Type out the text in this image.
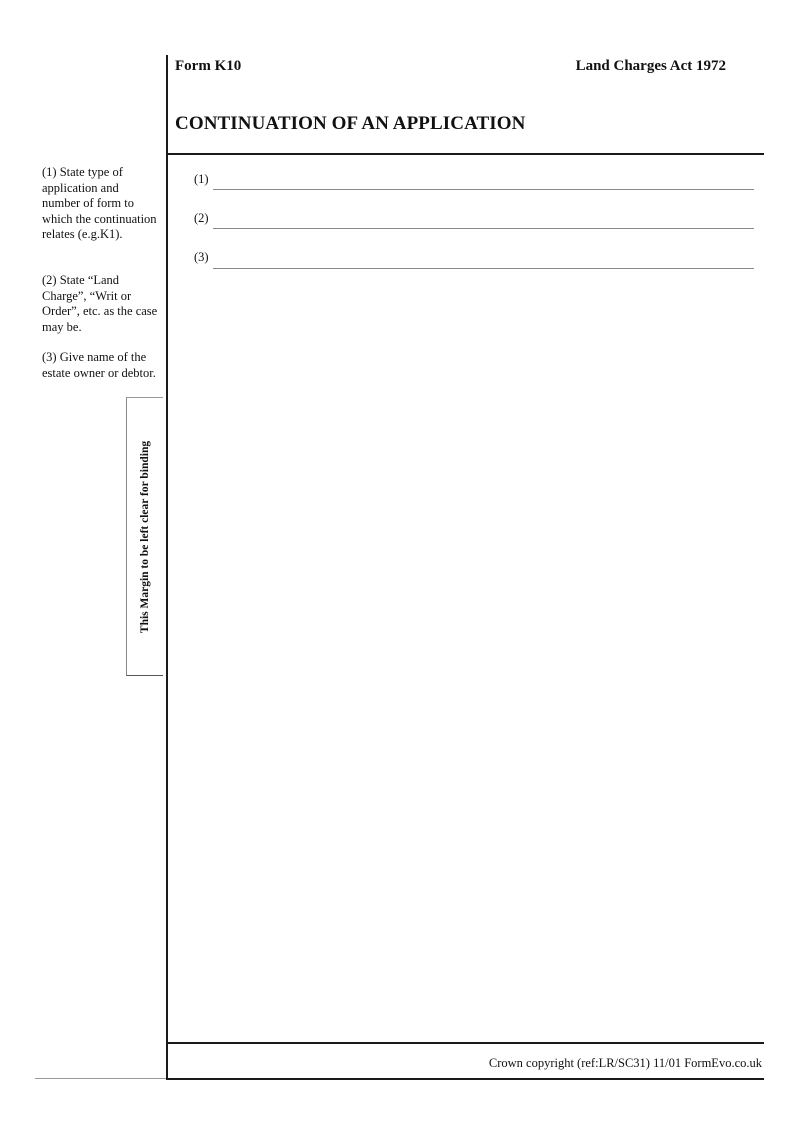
Form K10	Land Charges Act 1972
CONTINUATION OF AN APPLICATION
(1) State type of application and number of form to which the continuation relates (e.g.K1).
(2) State “Land Charge”, “Writ or Order”, etc. as the case may be.
(3) Give name of the estate owner or debtor.
This Margin to be left clear for binding
(1)
(2)
(3)
Crown copyright (ref:LR/SC31) 11/01 FormEvo.co.uk
